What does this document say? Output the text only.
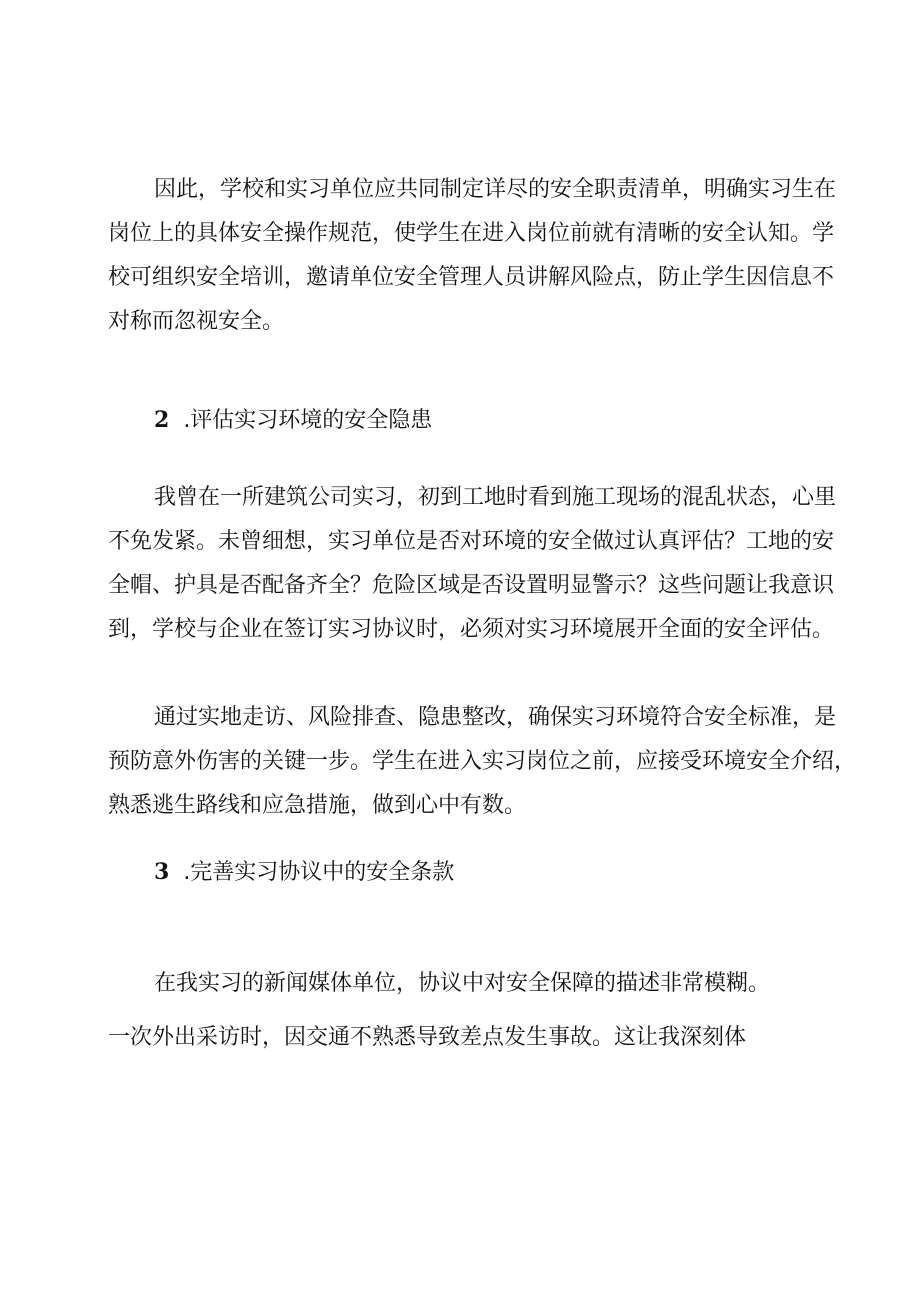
因此，学校和实习单位应共同制定详尽的安全职责清单，明确实习生在
岗位上的具体安全操作规范，使学生在进入岗位前就有清晰的安全认知。学
校可组织安全培训，邀请单位安全管理人员讲解风险点，防止学生因信息不
对称而忽视安全。
2 .评估实习环境的安全隐患
我曾在一所建筑公司实习，初到工地时看到施工现场的混乱状态，心里
不免发紧。未曾细想，实习单位是否对环境的安全做过认真评估？工地的安
全帽、护具是否配备齐全？危险区域是否设置明显警示？这些问题让我意识
到，学校与企业在签订实习协议时，必须对实习环境展开全面的安全评估。
通过实地走访、风险排查、隐患整改，确保实习环境符合安全标准，是
预防意外伤害的关键一步。学生在进入实习岗位之前，应接受环境安全介绍，
熟悉逃生路线和应急措施，做到心中有数。
3 .完善实习协议中的安全条款
在我实习的新闻媒体单位，协议中对安全保障的描述非常模糊。
一次外出采访时，因交通不熟悉导致差点发生事故。这让我深刻体
